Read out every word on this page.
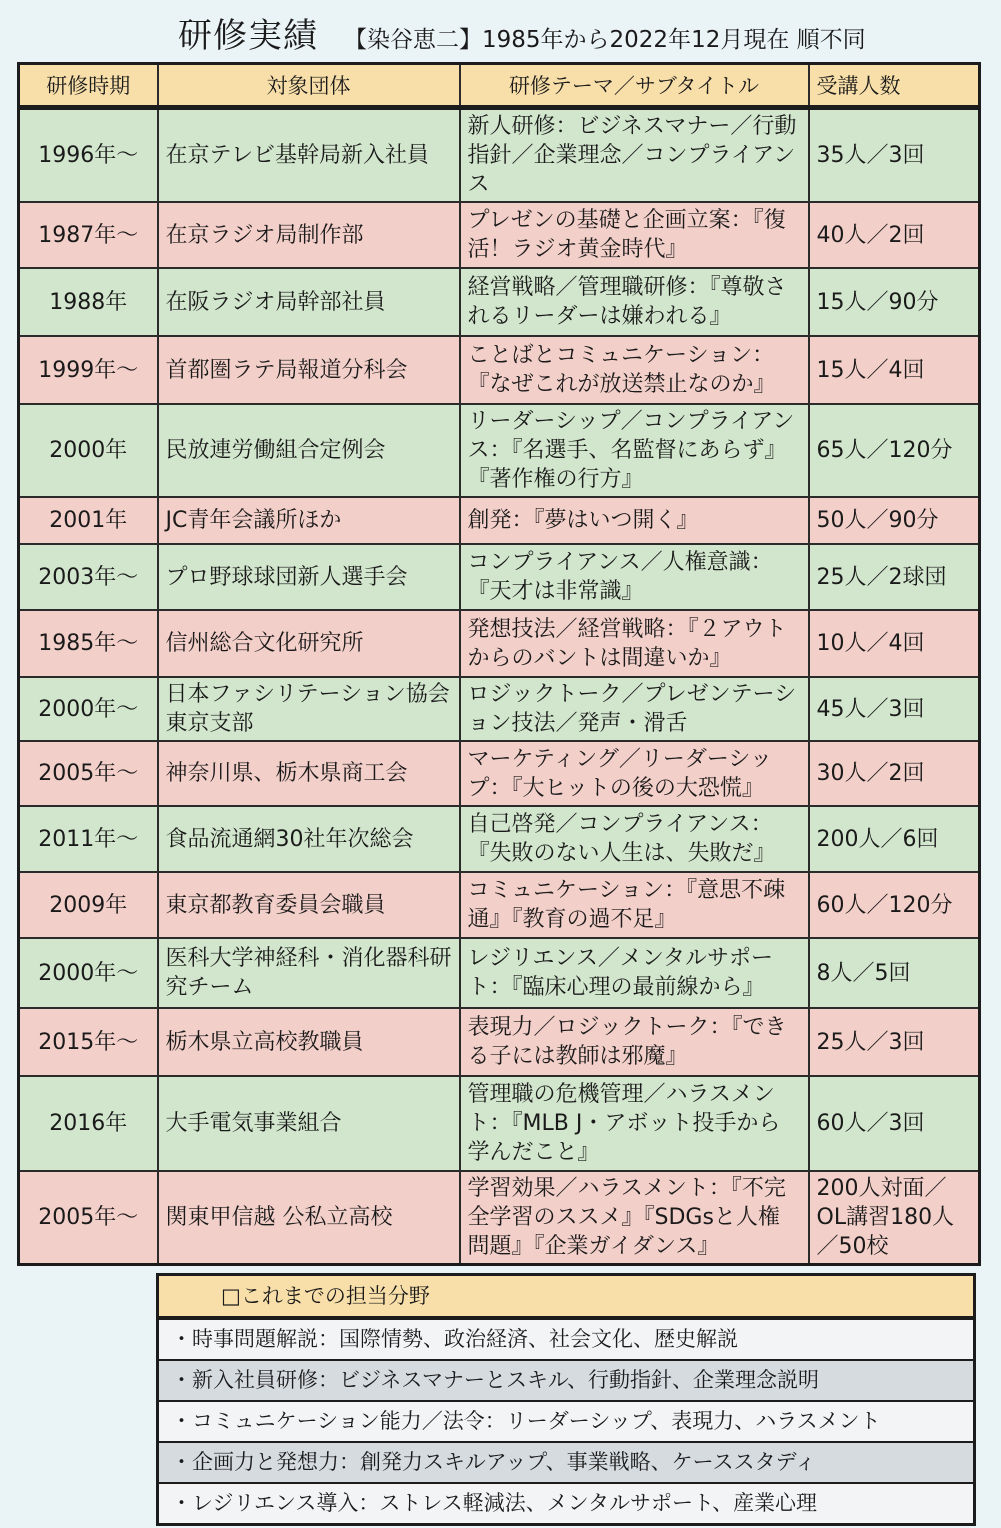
研修実績 【染谷恵二】1985年から2022年12月現在 順不同
研修時期	対象団体	研修テーマ／サブタイトル	受講人数
1996年～	在京テレビ基幹局新入社員	新人研修：ビジネスマナー／行動指針／企業理念／コンプライアンス	35人／3回
1987年～	在京ラジオ局制作部	プレゼンの基礎と企画立案：『復活！ラジオ黄金時代』	40人／2回
1988年	在阪ラジオ局幹部社員	経営戦略／管理職研修：『尊敬されるリーダーは嫌われる』	15人／90分
1999年～	首都圏ラテ局報道分科会	ことばとコミュニケーション：『なぜこれが放送禁止なのか』	15人／4回
2000年	民放連労働組合定例会	リーダーシップ／コンプライアンス：『名選手、名監督にあらず』『著作権の行方』	65人／120分
2001年	JC青年会議所ほか	創発：『夢はいつ開く』	50人／90分
2003年～	プロ野球球団新人選手会	コンプライアンス／人権意識：『天才は非常識』	25人／2球団
1985年～	信州総合文化研究所	発想技法／経営戦略：『２アウトからのバントは間違いか』	10人／4回
2000年～	日本ファシリテーション協会東京支部	ロジックトーク／プレゼンテーション技法／発声・滑舌	45人／3回
2005年～	神奈川県、栃木県商工会	マーケティング／リーダーシップ：『大ヒットの後の大恐慌』	30人／2回
2011年～	食品流通網30社年次総会	自己啓発／コンプライアンス：『失敗のない人生は、失敗だ』	200人／6回
2009年	東京都教育委員会職員	コミュニケーション：『意思不疎通』『教育の過不足』	60人／120分
2000年～	医科大学神経科・消化器科研究チーム	レジリエンス／メンタルサポート：『臨床心理の最前線から』	8人／5回
2015年～	栃木県立高校教職員	表現力／ロジックトーク：『できる子には教師は邪魔』	25人／3回
2016年	大手電気事業組合	管理職の危機管理／ハラスメント：『MLB J・アボット投手から学んだこと』	60人／3回
2005年～	関東甲信越 公私立高校	学習効果／ハラスメント：『不完全学習のススメ』『SDGsと人権問題』『企業ガイダンス』	200人対面／OL講習180人／50校
□これまでの担当分野
・時事問題解説：国際情勢、政治経済、社会文化、歴史解説
・新入社員研修：ビジネスマナーとスキル、行動指針、企業理念説明
・コミュニケーション能力／法令：リーダーシップ、表現力、ハラスメント
・企画力と発想力：創発力スキルアップ、事業戦略、ケーススタディ
・レジリエンス導入：ストレス軽減法、メンタルサポート、産業心理
